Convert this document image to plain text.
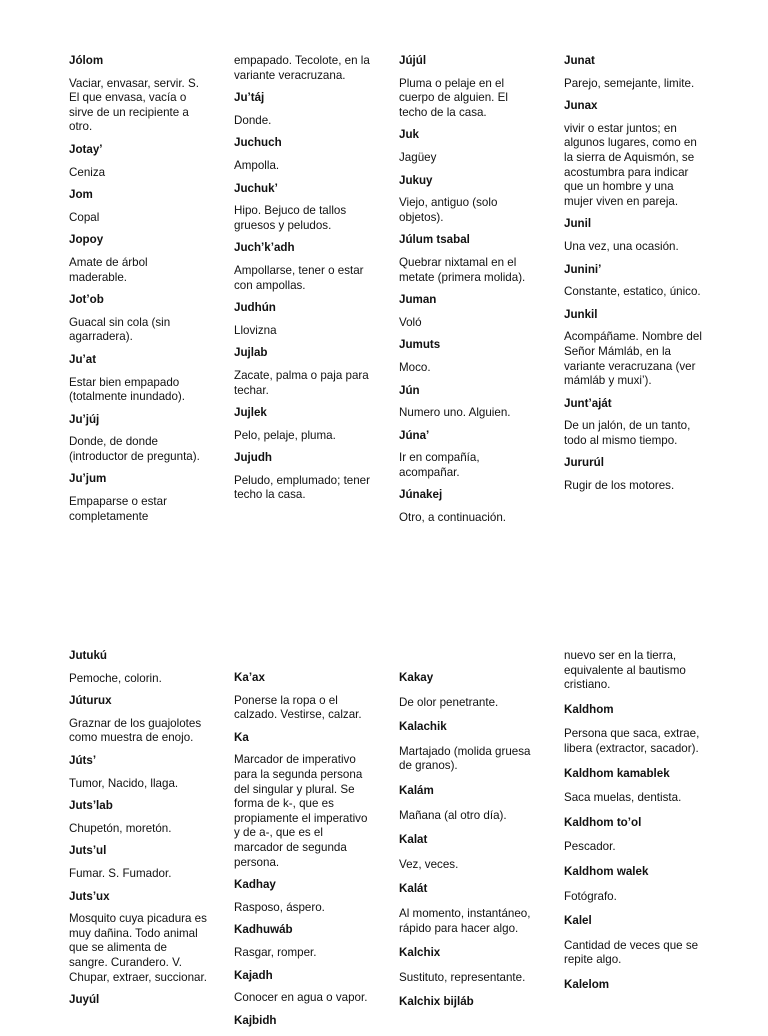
Jólom

Vaciar, envasar, servir. S. El que envasa, vacía o sirve de un recipiente a otro.

Jotay’

Ceniza

Jom

Copal

Jopoy

Amate de árbol maderable.

Jot’ob

Guacal sin cola (sin agarradera).

Ju’at

Estar bien empapado (totalmente inundado).

Ju’júj

Donde, de donde (introductor de pregunta).

Ju’jum

Empaparse o estar completamente

empapado. Tecolote, en la variante veracruzana.

Ju’táj

Donde.

Juchuch

Ampolla.

Juchuk’

Hipo. Bejuco de tallos gruesos y peludos.

Juch’k’adh

Ampollarse, tener o estar con ampollas.

Judhún

Llovizna

Jujlab

Zacate, palma o paja para techar.

Jujlek

Pelo, pelaje, pluma.

Jujudh

Peludo, emplumado; tener techo la casa.

Jújúl

Pluma o pelaje en el cuerpo de alguien. El techo de la casa.

Juk

Jagüey

Jukuy

Viejo, antiguo (solo objetos).

Júlum tsabal

Quebrar nixtamal en el metate (primera molida).

Juman

Voló

Jumuts

Moco.

Jún

Numero uno. Alguien.

Júna’

Ir en compañía, acompañar.

Júnakej

Otro, a continuación.

Junat

Parejo, semejante, limite.

Junax

vivir o estar juntos; en algunos lugares, como en la sierra de Aquismón, se acostumbra para indicar que un hombre y una mujer viven en pareja.

Junil

Una vez, una ocasión.

Junini’

Constante, estatico, único.

Junkil

Acompáñame. Nombre del Señor Mámláb, en la variante veracruzana (ver mámláb y muxi’).

Junt’aját

De un jalón, de un tanto, todo al mismo tiempo.

Jururúl

Rugir de los motores.

Jutukú

Pemoche, colorin.

Júturux

Graznar de los guajolotes como muestra de enojo.

Júts’

Tumor, Nacido, llaga.

Juts’lab

Chupetón, moretón.

Juts’ul

Fumar. S. Fumador.

Juts’ux

Mosquito cuya picadura es muy dañina. Todo animal que se alimenta de sangre. Curandero. V. Chupar, extraer, succionar.

Juyúl

Ka’ax

Ponerse la ropa o el calzado. Vestirse, calzar.

Ka

Marcador de imperativo para la segunda persona del singular y plural. Se forma de k-, que es propiamente el imperativo y de a-, que es el marcador de segunda persona.

Kadhay

Rasposo, áspero.

Kadhuwáb

Rasgar, romper.

Kajadh

Conocer en agua o vapor.

Kajbidh

Kakay

De olor penetrante.

Kalachik

Martajado (molida gruesa de granos).

Kalám

Mañana (al otro día).

Kalat

Vez, veces.

Kalát

Al momento, instantáneo, rápido para hacer algo.

Kalchix

Sustituto, representante.

Kalchix bijláb

nuevo ser en la tierra, equivalente al bautismo cristiano.

Kaldhom

Persona que saca, extrae, libera (extractor, sacador).

Kaldhom kamablek

Saca muelas, dentista.

Kaldhom to’ol

Pescador.

Kaldhom walek

Fotógrafo.

Kalel

Cantidad de veces que se repite algo.

Kalelom
